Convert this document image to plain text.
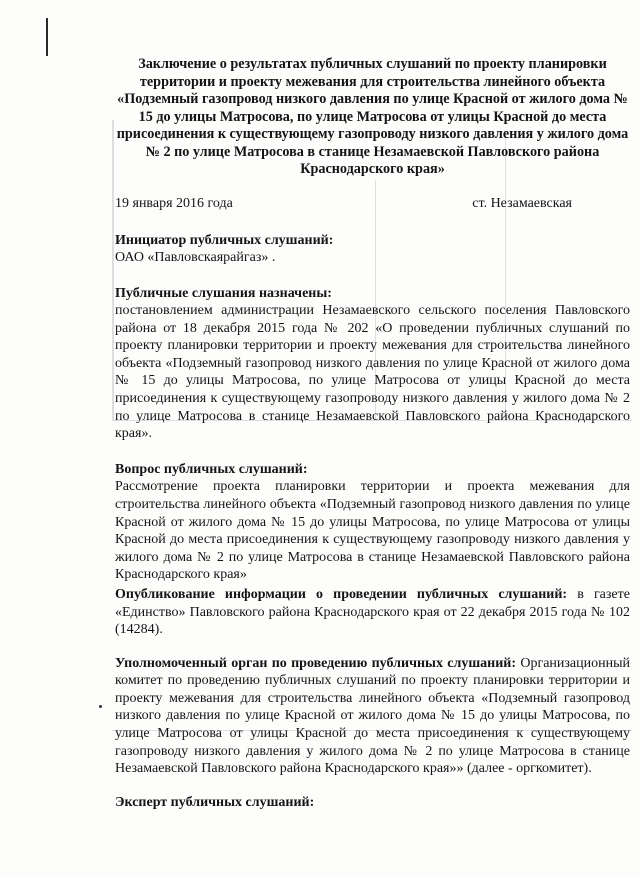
Заключение о результатах публичных слушаний по проекту планировки территории и проекту межевания для строительства линейного объекта «Подземный газопровод низкого давления по улице Красной от жилого дома № 15 до улицы Матросова, по улице Матросова от улицы Красной до места присоединения к существующему газопроводу низкого давления у жилого дома № 2 по улице Матросова в станице Незамаевской Павловского района Краснодарского края»

19 января 2016 года	ст. Незамаевская
Инициатор публичных слушаний:
ОАО «Павловскаярайгаз» .
Публичные слушания назначены:
постановлением администрации Незамаевского сельского поселения Павловского района от 18 декабря 2015 года № 202 «О проведении публичных слушаний по проекту планировки территории и проекту межевания для строительства линейного объекта «Подземный газопровод низкого давления по улице Красной от жилого дома № 15 до улицы Матросова, по улице Матросова от улицы Красной до места присоединения к существующему газопроводу низкого давления у жилого дома № 2 по улице Матросова в станице Незамаевской Павловского района Краснодарского края».
Вопрос публичных слушаний:
Рассмотрение проекта планировки территории и проекта межевания для строительства линейного объекта «Подземный газопровод низкого давления по улице Красной от жилого дома № 15 до улицы Матросова, по улице Матросова от улицы Красной до места присоединения к существующему газопроводу низкого давления у жилого дома № 2 по улице Матросова в станице Незамаевской Павловского района Краснодарского края»
Опубликование информации о проведении публичных слушаний: в газете «Единство» Павловского района Краснодарского края от 22 декабря 2015 года № 102 (14284).
Уполномоченный орган по проведению публичных слушаний: Организационный комитет по проведению публичных слушаний по проекту планировки территории и проекту межевания для строительства линейного объекта «Подземный газопровод низкого давления по улице Красной от жилого дома № 15 до улицы Матросова, по улице Матросова от улицы Красной до места присоединения к существующему газопроводу низкого давления у жилого дома № 2 по улице Матросова в станице Незамаевской Павловского района Краснодарского края»» (далее - оргкомитет).
Эксперт публичных слушаний:
